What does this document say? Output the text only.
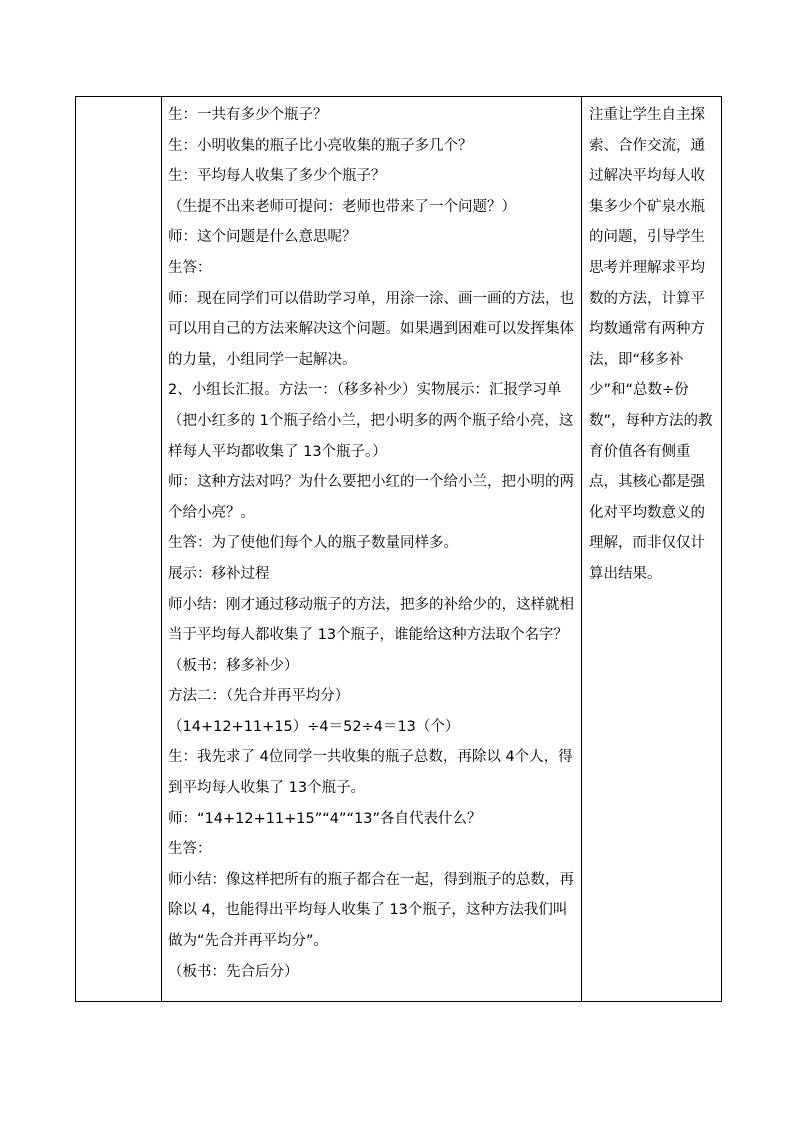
生：一共有多少个瓶子？

生：小明收集的瓶子比小亮收集的瓶子多几个？

生：平均每人收集了多少个瓶子？

（生提不出来老师可提问：老师也带来了一个问题？）

师：这个问题是什么意思呢？

生答：

师：现在同学们可以借助学习单，用涂一涂、画一画的方法，也可以用自己的方法来解决这个问题。如果遇到困难可以发挥集体的力量，小组同学一起解决。

2、小组长汇报。方法一：（移多补少）实物展示：汇报学习单（把小红多的 1个瓶子给小兰，把小明多的两个瓶子给小亮，这样每人平均都收集了 13个瓶子。）

师：这种方法对吗？为什么要把小红的一个给小兰，把小明的两个给小亮？。

生答：为了使他们每个人的瓶子数量同样多。

展示：移补过程

师小结：刚才通过移动瓶子的方法，把多的补给少的，这样就相当于平均每人都收集了 13个瓶子，谁能给这种方法取个名字？（板书：移多补少）

方法二：（先合并再平均分）

（14+12+11+15）÷4＝52÷4＝13（个）

生：我先求了 4位同学一共收集的瓶子总数，再除以 4个人，得到平均每人收集了 13个瓶子。

师：“14+12+11+15”“4”“13”各自代表什么？

生答：

师小结：像这样把所有的瓶子都合在一起，得到瓶子的总数，再除以 4，也能得出平均每人收集了 13个瓶子，这种方法我们叫做为“先合并再平均分”。

（板书：先合后分）

注重让学生自主探索、合作交流，通过解决平均每人收集多少个矿泉水瓶的问题，引导学生思考并理解求平均数的方法，计算平均数通常有两种方法，即“移多补少”和“总数÷份数”，每种方法的教育价值各有侧重点，其核心都是强化对平均数意义的理解，而非仅仅计算出结果。
